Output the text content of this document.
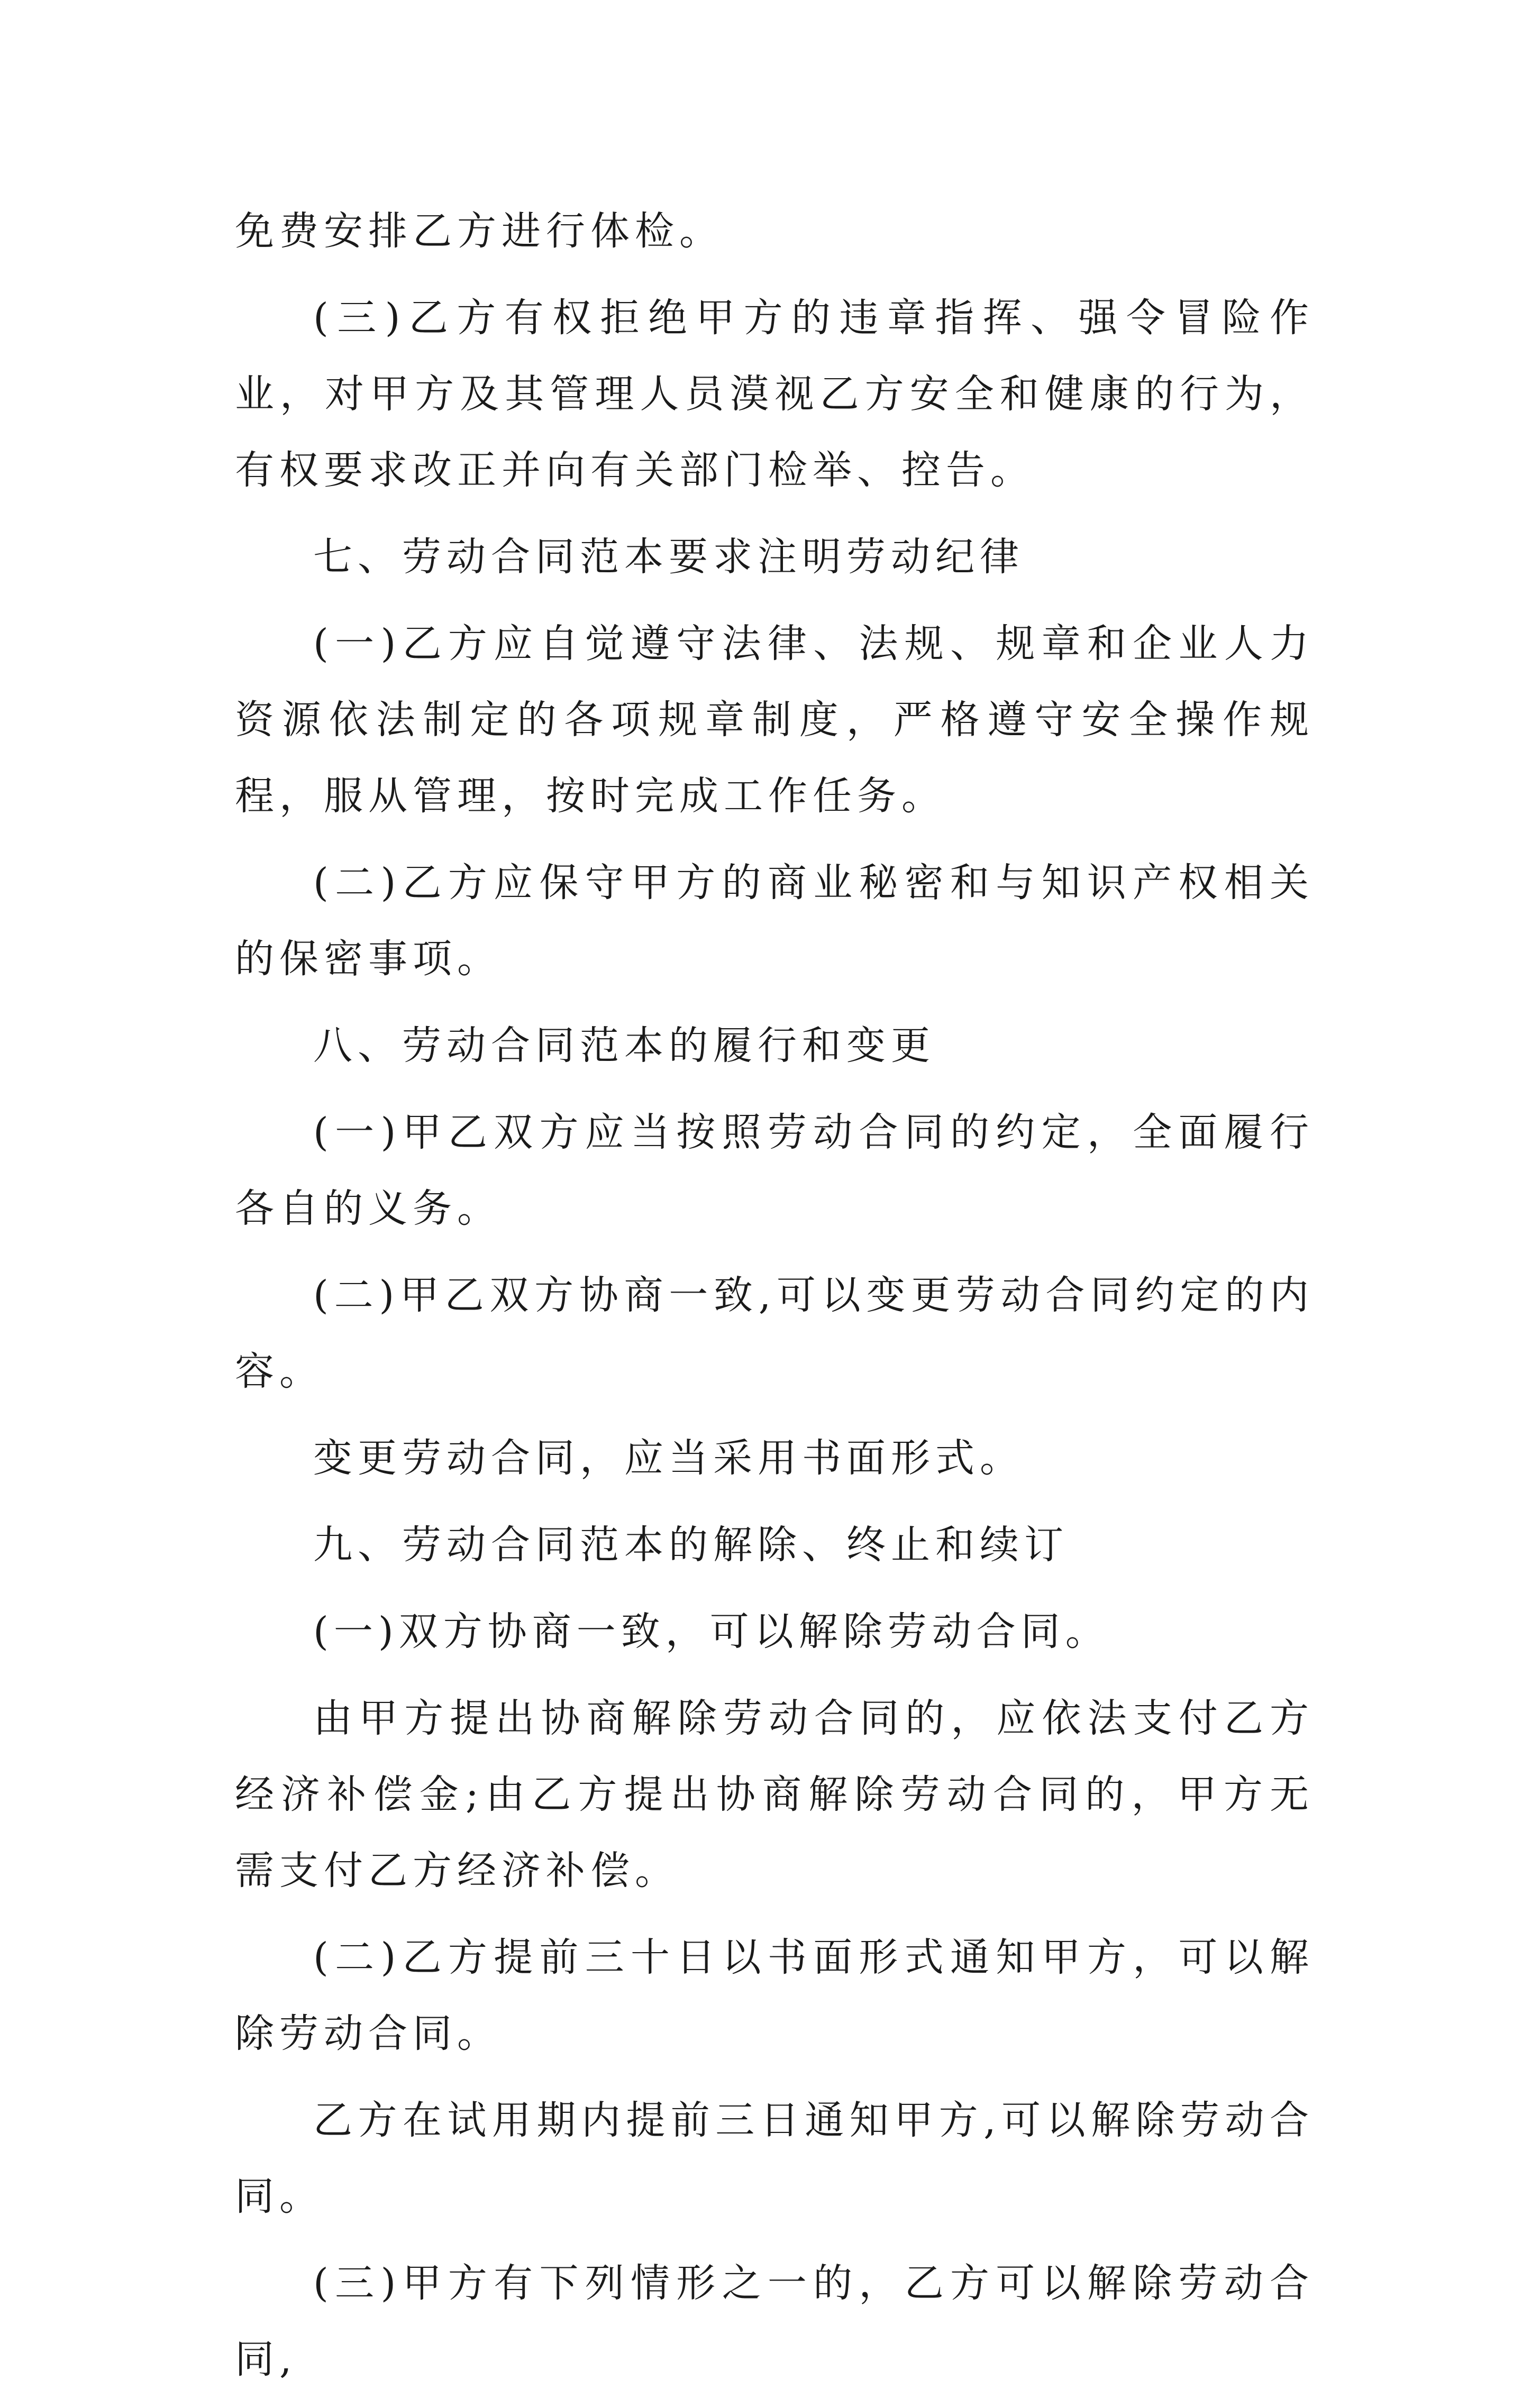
免费安排乙方进行体检。

(三)乙方有权拒绝甲方的违章指挥、强令冒险作业，对甲方及其管理人员漠视乙方安全和健康的行为，有权要求改正并向有关部门检举、控告。

七、劳动合同范本要求注明劳动纪律

(一)乙方应自觉遵守法律、法规、规章和企业人力资源依法制定的各项规章制度，严格遵守安全操作规程，服从管理，按时完成工作任务。

(二)乙方应保守甲方的商业秘密和与知识产权相关的保密事项。

八、劳动合同范本的履行和变更

(一)甲乙双方应当按照劳动合同的约定，全面履行各自的义务。

(二)甲乙双方协商一致,可以变更劳动合同约定的内容。

变更劳动合同，应当采用书面形式。

九、劳动合同范本的解除、终止和续订

(一)双方协商一致，可以解除劳动合同。

由甲方提出协商解除劳动合同的，应依法支付乙方经济补偿金;由乙方提出协商解除劳动合同的，甲方无需支付乙方经济补偿。

(二)乙方提前三十日以书面形式通知甲方，可以解除劳动合同。

乙方在试用期内提前三日通知甲方,可以解除劳动合同。

(三)甲方有下列情形之一的，乙方可以解除劳动合同,
